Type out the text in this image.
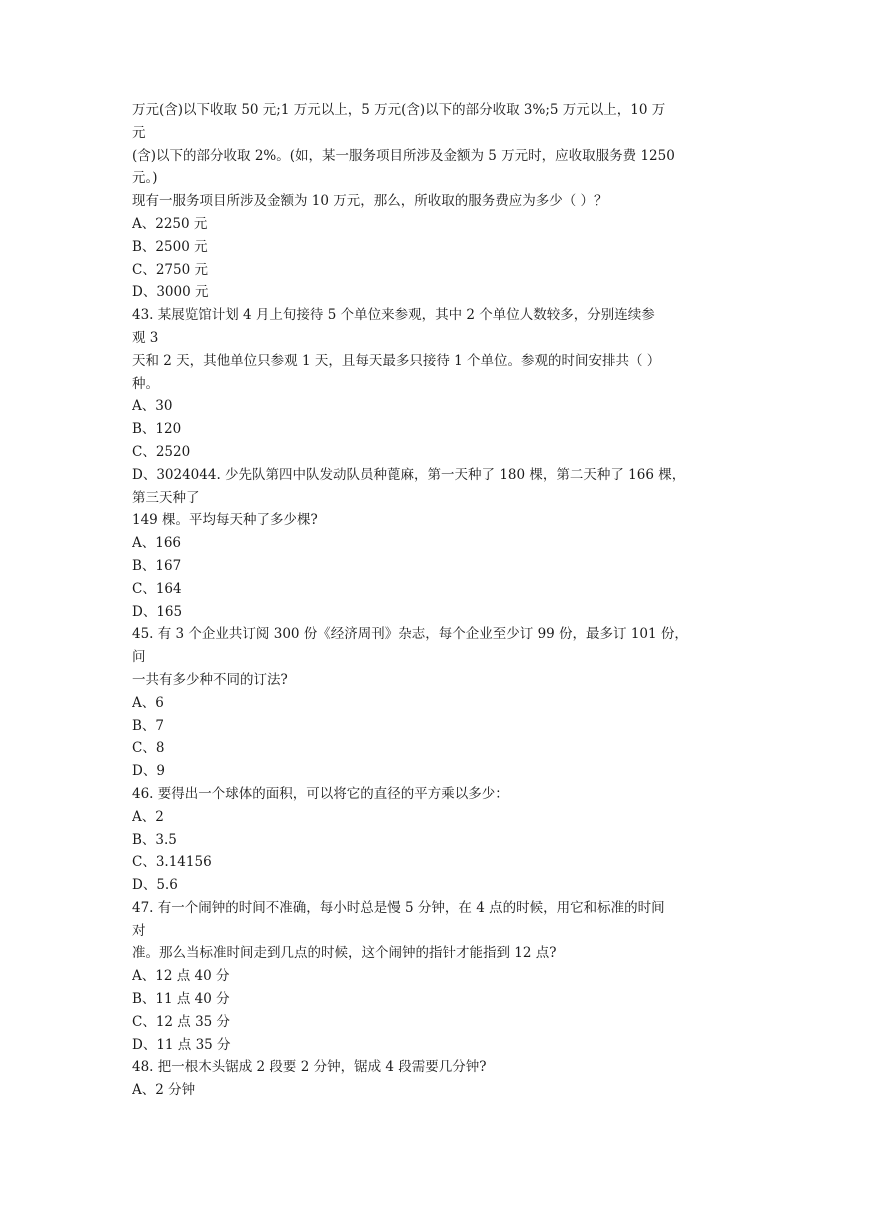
万元(含)以下收取 50 元;1 万元以上，5 万元(含)以下的部分收取 3%;5 万元以上，10 万
元
(含)以下的部分收取 2%。(如，某一服务项目所涉及金额为 5 万元时，应收取服务费 1250
元。)
现有一服务项目所涉及金额为 10 万元，那么，所收取的服务费应为多少（ ）？
A、2250 元
B、2500 元
C、2750 元
D、3000 元
43. 某展览馆计划 4 月上旬接待 5 个单位来参观，其中 2 个单位人数较多，分别连续参
观 3
天和 2 天，其他单位只参观 1 天，且每天最多只接待 1 个单位。参观的时间安排共（ ）
种。
A、30
B、120
C、2520
D、3024044. 少先队第四中队发动队员种蓖麻，第一天种了 180 棵，第二天种了 166 棵，
第三天种了
149 棵。平均每天种了多少棵?
A、166
B、167
C、164
D、165
45. 有 3 个企业共订阅 300 份《经济周刊》杂志，每个企业至少订 99 份，最多订 101 份，
问
一共有多少种不同的订法?
A、6
B、7
C、8
D、9
46. 要得出一个球体的面积，可以将它的直径的平方乘以多少：
A、2
B、3.5
C、3.14156
D、5.6
47. 有一个闹钟的时间不准确，每小时总是慢 5 分钟，在 4 点的时候，用它和标准的时间
对
准。那么当标准时间走到几点的时候，这个闹钟的指针才能指到 12 点?
A、12 点 40 分
B、11 点 40 分
C、12 点 35 分
D、11 点 35 分
48. 把一根木头锯成 2 段要 2 分钟，锯成 4 段需要几分钟?
A、2 分钟
